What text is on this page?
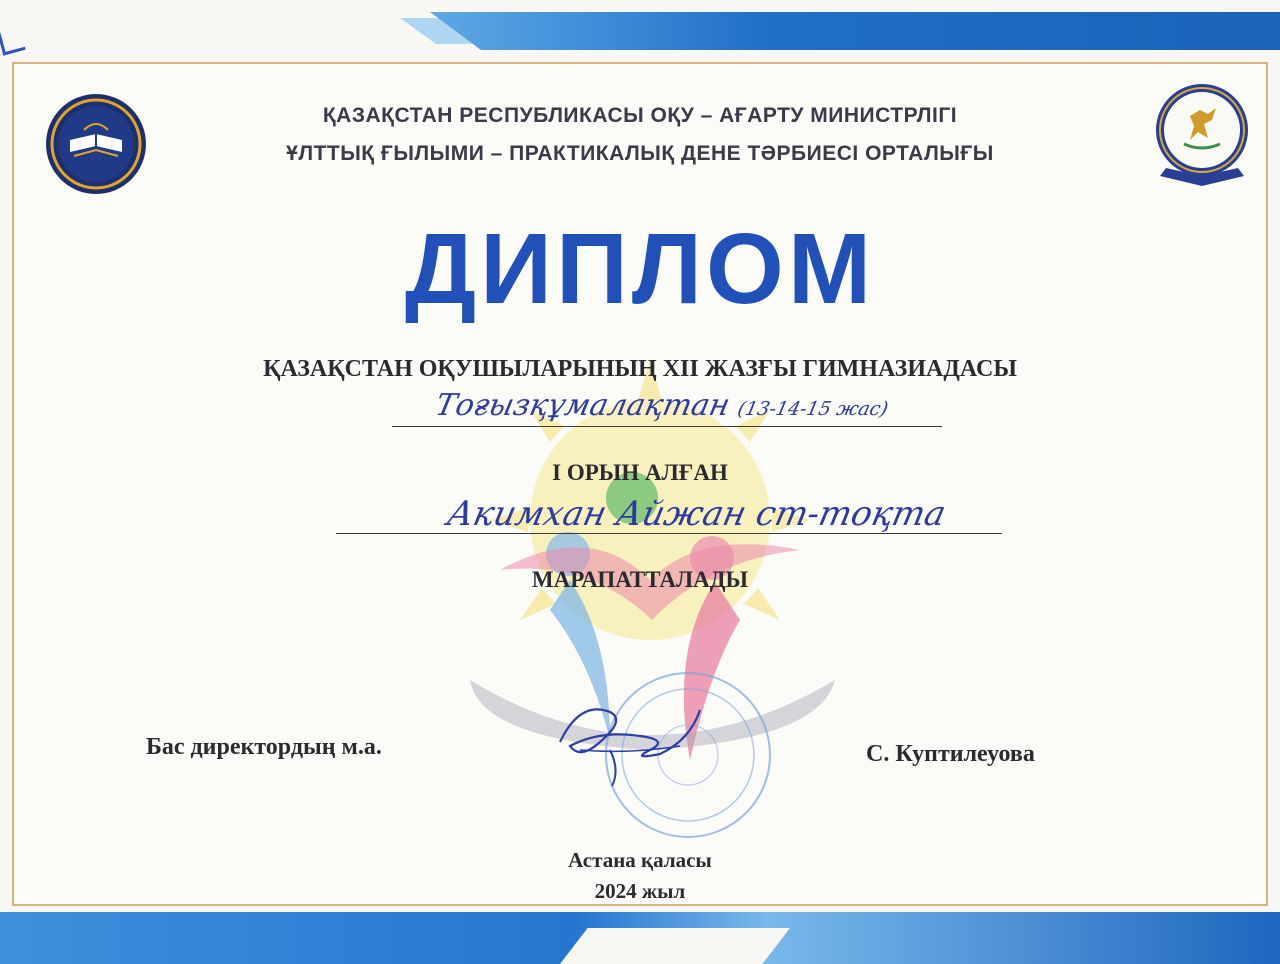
ҚАЗАҚСТАН РЕСПУБЛИКАСЫ ОҚУ – АҒАРТУ МИНИСТРЛІГІ
ҰЛТТЫҚ ҒЫЛЫМИ – ПРАКТИКАЛЫҚ ДЕНЕ ТӘРБИЕСІ ОРТАЛЫҒЫ
ДИПЛОМ
ҚАЗАҚСТАН ОҚУШЫЛАРЫНЫҢ XII ЖАЗҒЫ ГИМНАЗИАДАСЫ
Тоғызқұмалақтан (13-14-15 жас)
І ОРЫН АЛҒАН
Акимхан Айжан ст-тоқта
МАРАПАТТАЛАДЫ
Бас директордың м.а.	С. Куптилеуова
Астана қаласы
2024 жыл
